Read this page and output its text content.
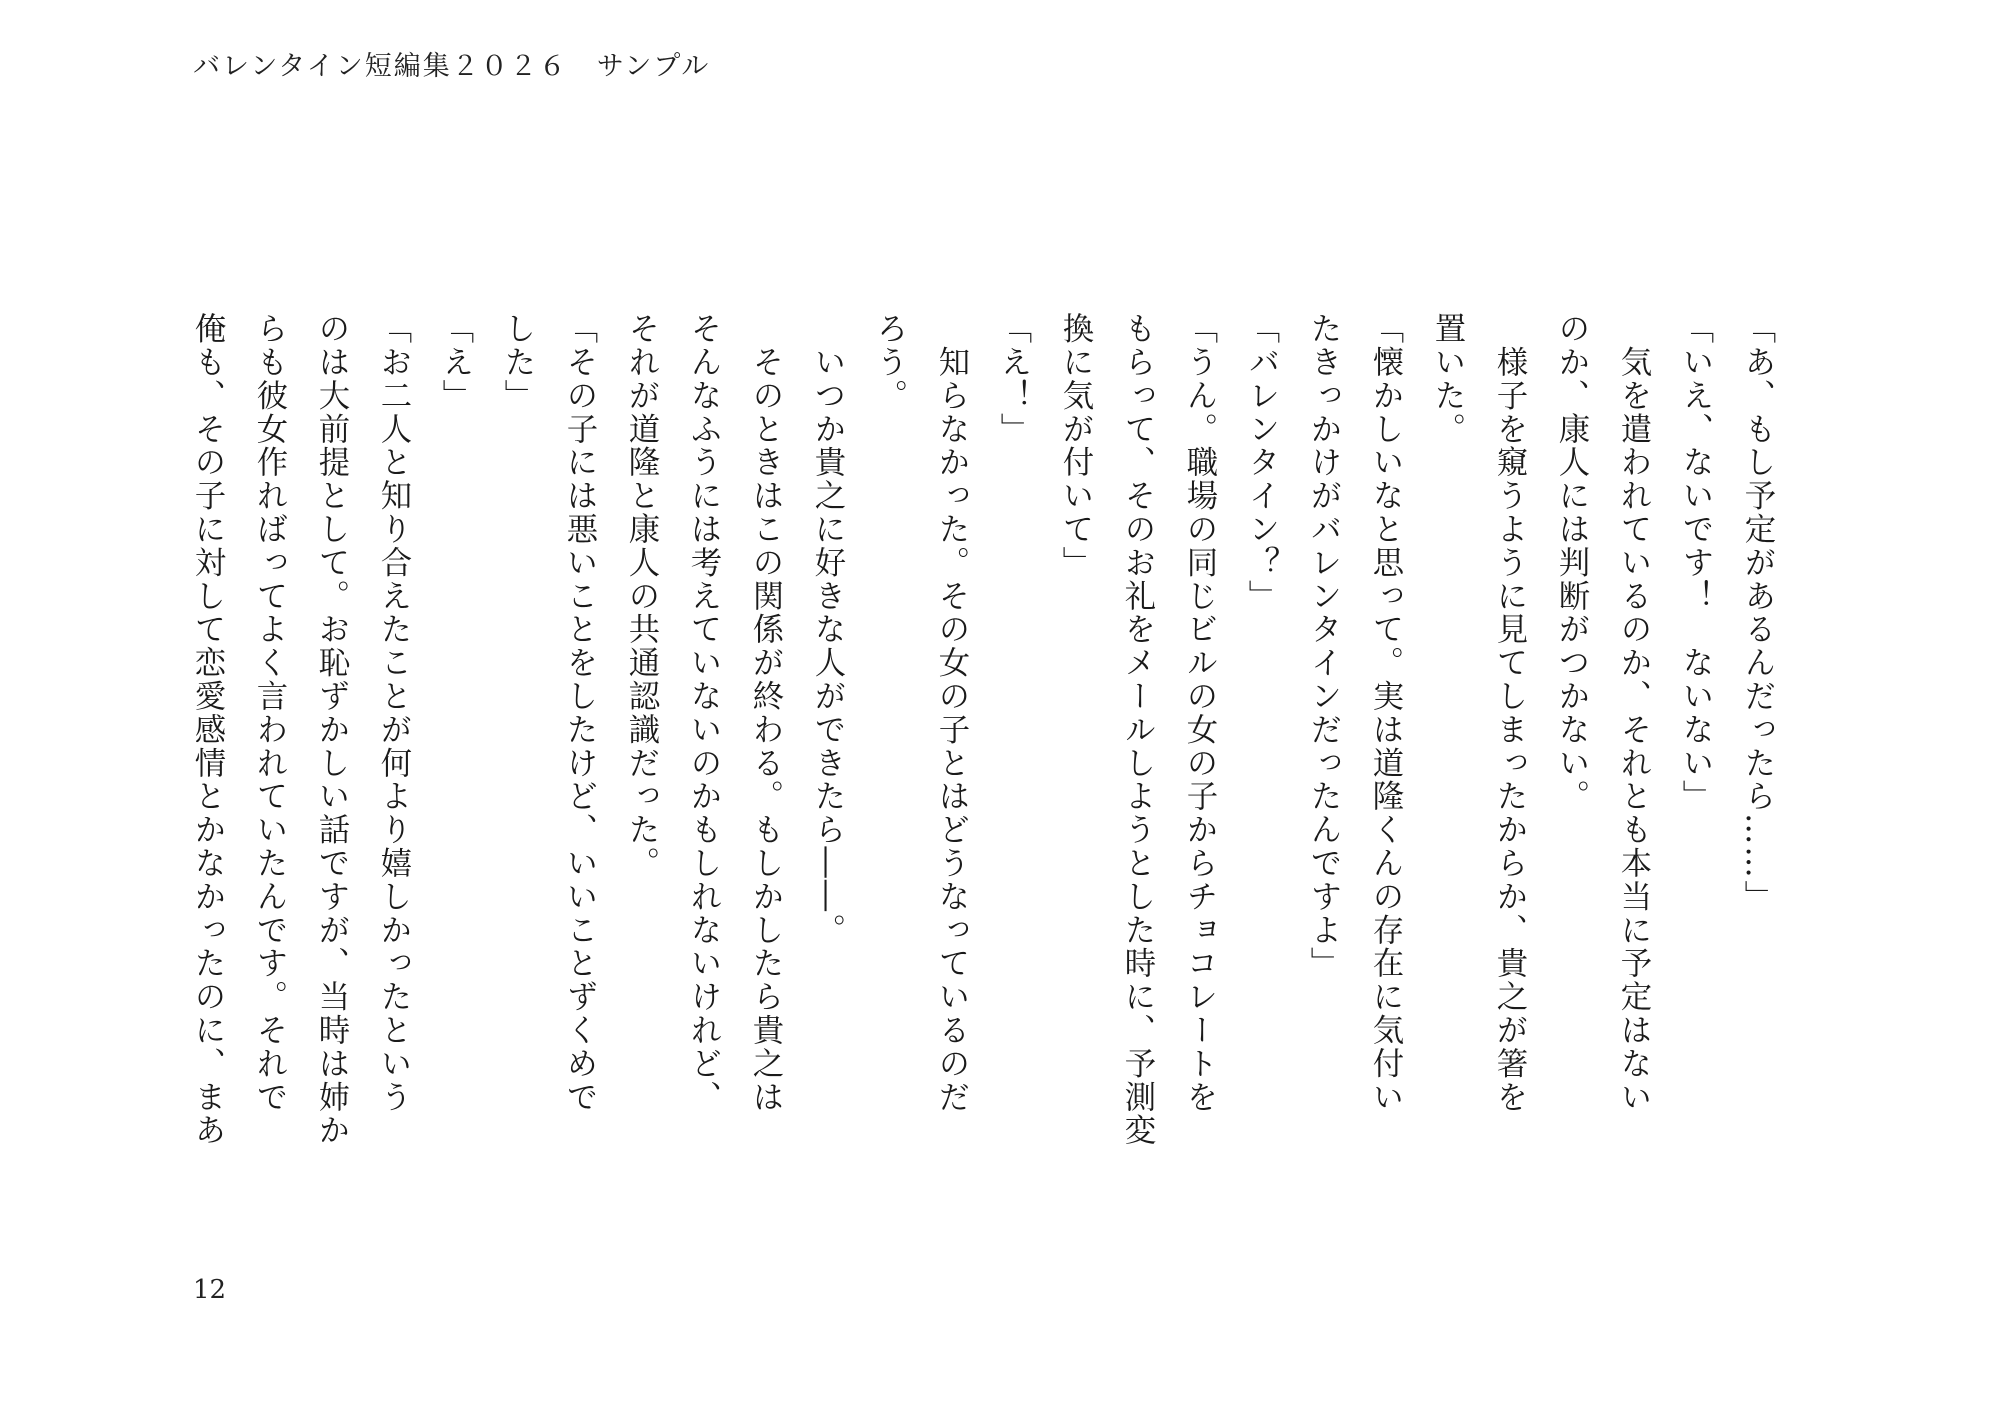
バレンタイン短編集２０２６　サンプル

「あ、もし予定があるんだったら……」

「いえ、ないです！　ないない」

　気を遣われているのか、それとも本当に予定はない

のか、康人には判断がつかない。

　様子を窺うように見てしまったからか、貴之が箸を

置いた。

「懐かしいなと思って。実は道隆くんの存在に気付い

たきっかけがバレンタインだったんですよ」

「バレンタイン？」

「うん。職場の同じビルの女の子からチョコレートを

もらって、そのお礼をメールしようとした時に、予測変

換に気が付いて」

「え！」

　知らなかった。その女の子とはどうなっているのだ

ろう。

　いつか貴之に好きな人ができたら――。

　そのときはこの関係が終わる。もしかしたら貴之は

そんなふうには考えていないのかもしれないけれど、

それが道隆と康人の共通認識だった。

「その子には悪いことをしたけど、いいことずくめで

した」

「え」

「お二人と知り合えたことが何より嬉しかったという

のは大前提として。お恥ずかしい話ですが、当時は姉か

らも彼女作ればってよく言われていたんです。それで

俺も、その子に対して恋愛感情とかなかったのに、まあ

12
